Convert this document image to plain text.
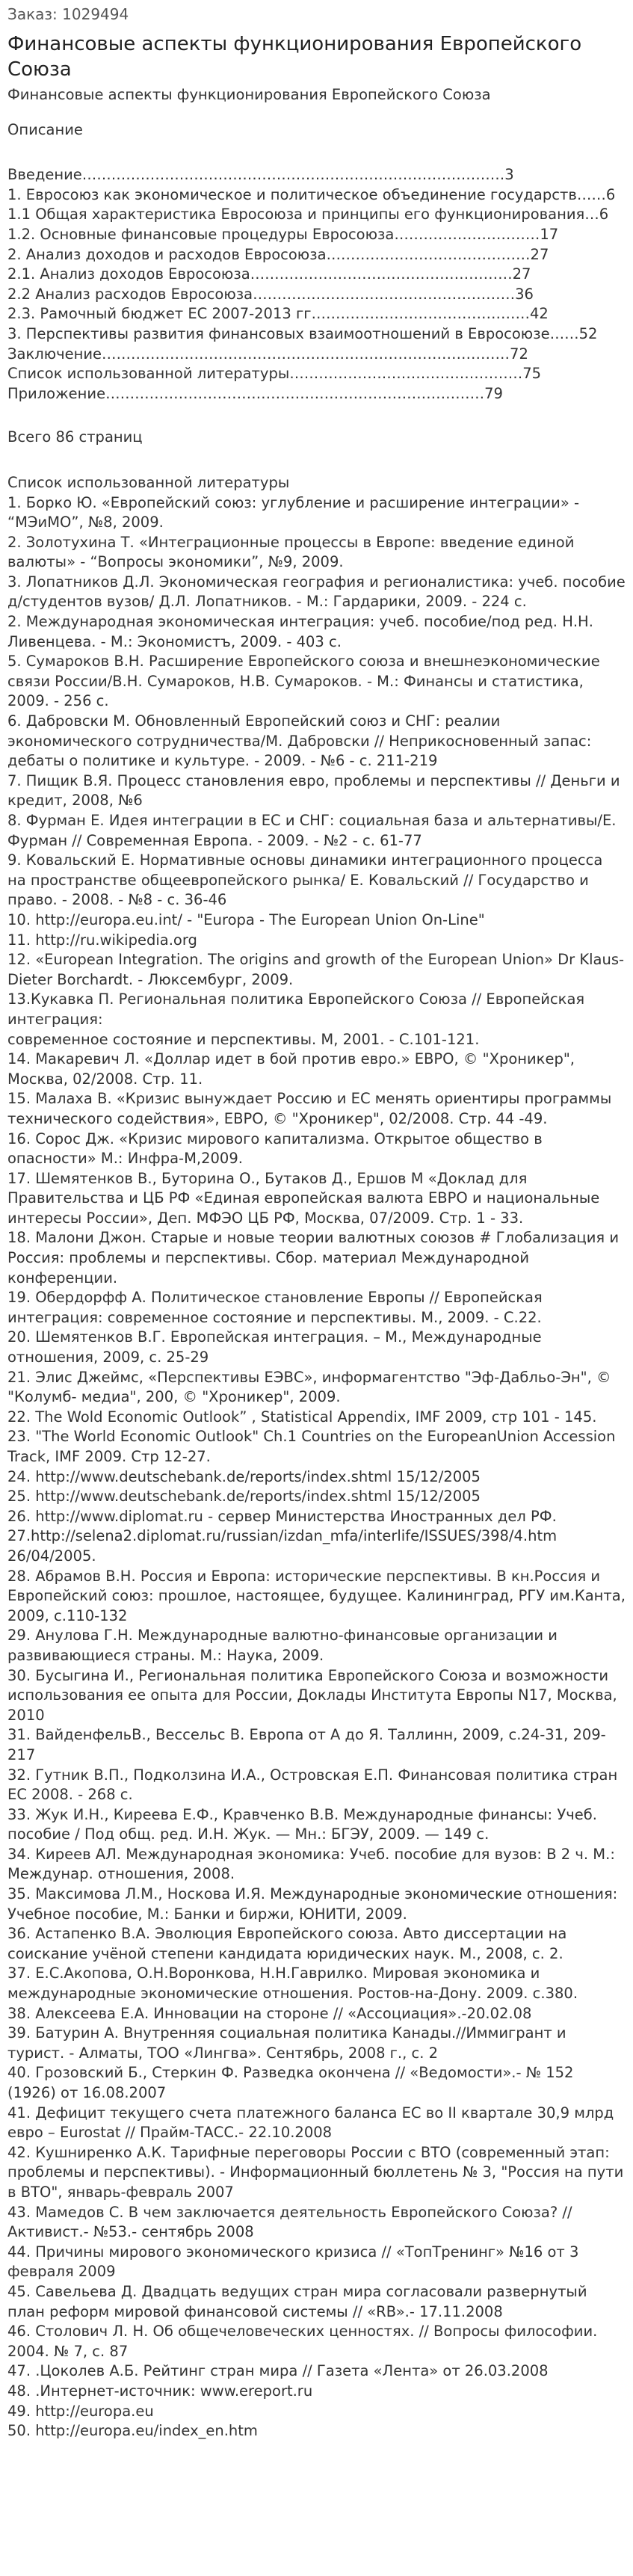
Заказ: 1029494

Финансовые аспекты функционирования Европейского Союза

Финансовые аспекты функционирования Европейского Союза

Описание

Введение……………………………………………………………………………3
1. Евросоюз как экономическое и политическое объединение государств……6
1.1 Общая характеристика Евросоюза и принципы его функционирования…6
1.2. Основные финансовые процедуры Евросоюза…………………………17
2. Анализ доходов и расходов Евросоюза……………………………………27
2.1. Анализ доходов Евросоюза………………………………………………27
2.2 Анализ расходов Евросоюза………………………………………………36
2.3. Рамочный бюджет ЕС 2007-2013 гг………………………………………42
3. Перспективы развития финансовых взаимоотношений в Евросоюзе……52
Заключение…………………………………………………………………………72
Список использованной литературы…………………………………………75
Приложение……………………………………………………………………79

Всего 86 страниц

Список использованной литературы

1. Борко Ю. «Европейский союз: углубление и расширение интеграции» - “МЭиМО”, №8, 2009.
2. Золотухина Т. «Интеграционные процессы в Европе: введение единой валюты» - “Вопросы экономики”, №9, 2009.
3. Лопатников Д.Л. Экономическая география и регионалистика: учеб. пособие д/студентов вузов/ Д.Л. Лопатников. - М.: Гардарики, 2009. - 224 с.
2. Международная экономическая интеграция: учеб. пособие/под ред. Н.Н. Ливенцева. - М.: Экономистъ, 2009. - 403 с.
5. Сумароков В.Н. Расширение Европейского союза и внешнеэкономические связи России/В.Н. Сумароков, Н.В. Сумароков. - М.: Финансы и статистика, 2009. - 256 с.
6. Дабровски М. Обновленный Европейский союз и СНГ: реалии экономического сотрудничества/М. Дабровски // Неприкосновенный запас: дебаты о политике и культуре. - 2009. - №6 - с. 211-219
7. Пищик В.Я. Процесс становления евро, проблемы и перспективы // Деньги и кредит, 2008, №6
8. Фурман Е. Идея интеграции в ЕС и СНГ: социальная база и альтернативы/Е. Фурман // Современная Европа. - 2009. - №2 - с. 61-77
9. Ковальский Е. Нормативные основы динамики интеграционного процесса на пространстве общеевропейского рынка/ Е. Ковальский // Государство и право. - 2008. - №8 - с. 36-46
10. http://europa.eu.int/ - "Europa - The European Union On-Line"
11. http://ru.wikipedia.org
12. «European Integration. The origins and growth of the European Union» Dr Klaus-Dieter Borchardt. - Люксембург, 2009.
13.Кукавка П. Региональная политика Европейского Союза // Европейская интеграция:
современное состояние и перспективы. М, 2001. - С.101-121.
14. Макаревич Л. «Доллар идет в бой против евро.» ЕВРО, © "Хроникер", Москва, 02/2008. Стр. 11.
15. Малаха В. «Кризис вынуждает Россию и ЕС менять ориентиры программы технического содействия», ЕВРО, © "Хроникер", 02/2008. Стр. 44 -49.
16. Сорос Дж. «Кризис мирового капитализма. Открытое общество в опасности» М.: Инфра-М,2009.
17. Шемятенков В., Буторина О., Бутаков Д., Ершов М «Доклад для Правительства и ЦБ РФ «Единая европейская валюта ЕВРО и национальные интересы России», Деп. МФЭО ЦБ РФ, Москва, 07/2009. Стр. 1 - 33.
18. Малони Джон. Старые и новые теории валютных союзов # Глобализация и Россия: проблемы и перспективы. Сбор. материал Международной конференции.
19. Обердорфф А. Политическое становление Европы // Европейская интеграция: современное состояние и перспективы. М., 2009. - С.22.
20. Шемятенков В.Г. Европейская интеграция. – М., Международные отношения, 2009, с. 25-29
21. Элис Джеймс, «Перспективы ЕЭВС», информагентство "Эф-Дабльо-Эн", © "Колумб- медиа", 200, © "Хроникер", 2009.
22. The Wold Economic Outlook” , Statistical Appendix, IMF 2009, стр 101 - 145.
23. "The World Economic Outlook" Ch.1 Countries on the EuropeanUnion Accession Track, IMF 2009. Стр 12-27.
24. http://www.deutschebank.de/reports/index.shtml 15/12/2005
25. http://www.deutschebank.de/reports/index.shtml 15/12/2005
26. http://www.diplomat.ru - сервер Министерства Иностранных дел РФ.
27.http://selena2.diplomat.ru/russian/izdan_mfa/interlife/ISSUES/398/4.htm 26/04/2005.
28. Абрамов В.Н. Россия и Европа: исторические перспективы. В кн.Россия и Европейский союз: прошлое, настоящее, будущее. Калининград, РГУ им.Канта, 2009, с.110-132
29. Анулова Г.Н. Международные валютно-финансовые организации и развивающиеся страны. М.: Наука, 2009.
30. Бусыгина И., Региональная политика Европейского Союза и возможности использования ее опыта для России, Доклады Института Европы N17, Москва, 2010
31. ВайденфельВ., Вессельс В. Европа от А до Я. Таллинн, 2009, с.24-31, 209-217
32. Гутник В.П., Подколзина И.А., Островская Е.П. Финансовая политика стран ЕС 2008. - 268 с.
33. Жук И.Н., Киреева Е.Ф., Кравченко В.В. Международные финансы: Учеб. пособие / Под общ. ред. И.Н. Жук. — Мн.: БГЭУ, 2009. — 149 с.
34. Киреев АЛ. Международная экономика: Учеб. пособие для вузов: В 2 ч. М.: Междунар. отношения, 2008.
35. Максимова Л.М., Носкова И.Я. Международные экономические отношения: Учебное пособие, М.: Банки и биржи, ЮНИТИ, 2009.
36. Астапенко В.А. Эволюция Европейского союза. Авто диссертации на соискание учёной степени кандидата юридических наук. М., 2008, с. 2.
37. Е.С.Акопова, О.Н.Воронкова, Н.Н.Гаврилко. Мировая экономика и международные экономические отношения. Ростов-на-Дону. 2009. с.380.
38. Алексеева Е.А. Инновации на стороне // «Ассоциация».-20.02.08
39. Батурин А. Внутренняя социальная политика Канады.//Иммигрант и турист. - Алматы, ТОО «Лингва». Сентябрь, 2008 г., с. 2
40. Грозовский Б., Стеркин Ф. Разведка окончена // «Ведомости».- № 152 (1926) от 16.08.2007
41. Дефицит текущего счета платежного баланса ЕС во II квартале 30,9 млрд евро – Eurostat // Прайм-ТАСС.- 22.10.2008
42. Кушниренко А.К. Тарифные переговоры России с ВТО (современный этап: проблемы и перспективы). - Информационный бюллетень № 3, "Россия на пути в ВТО", январь-февраль 2007
43. Мамедов С. В чем заключается деятельность Европейского Союза? // Активист.- №53.- сентябрь 2008
44. Причины мирового экономического кризиса // «ТопТренинг» №16 от 3 февраля 2009
45. Савельева Д. Двадцать ведущих стран мира согласовали развернутый план реформ мировой финансовой системы // «RB».- 17.11.2008
46. Столович Л. Н. Об общечеловеческих ценностях. // Вопросы философии. 2004. № 7, с. 87
47. .Цоколев А.Б. Рейтинг стран мира // Газета «Лента» от 26.03.2008
48. .Интернет-источник: www.ereport.ru
49. http://europa.eu
50. http://europa.eu/index_en.htm
